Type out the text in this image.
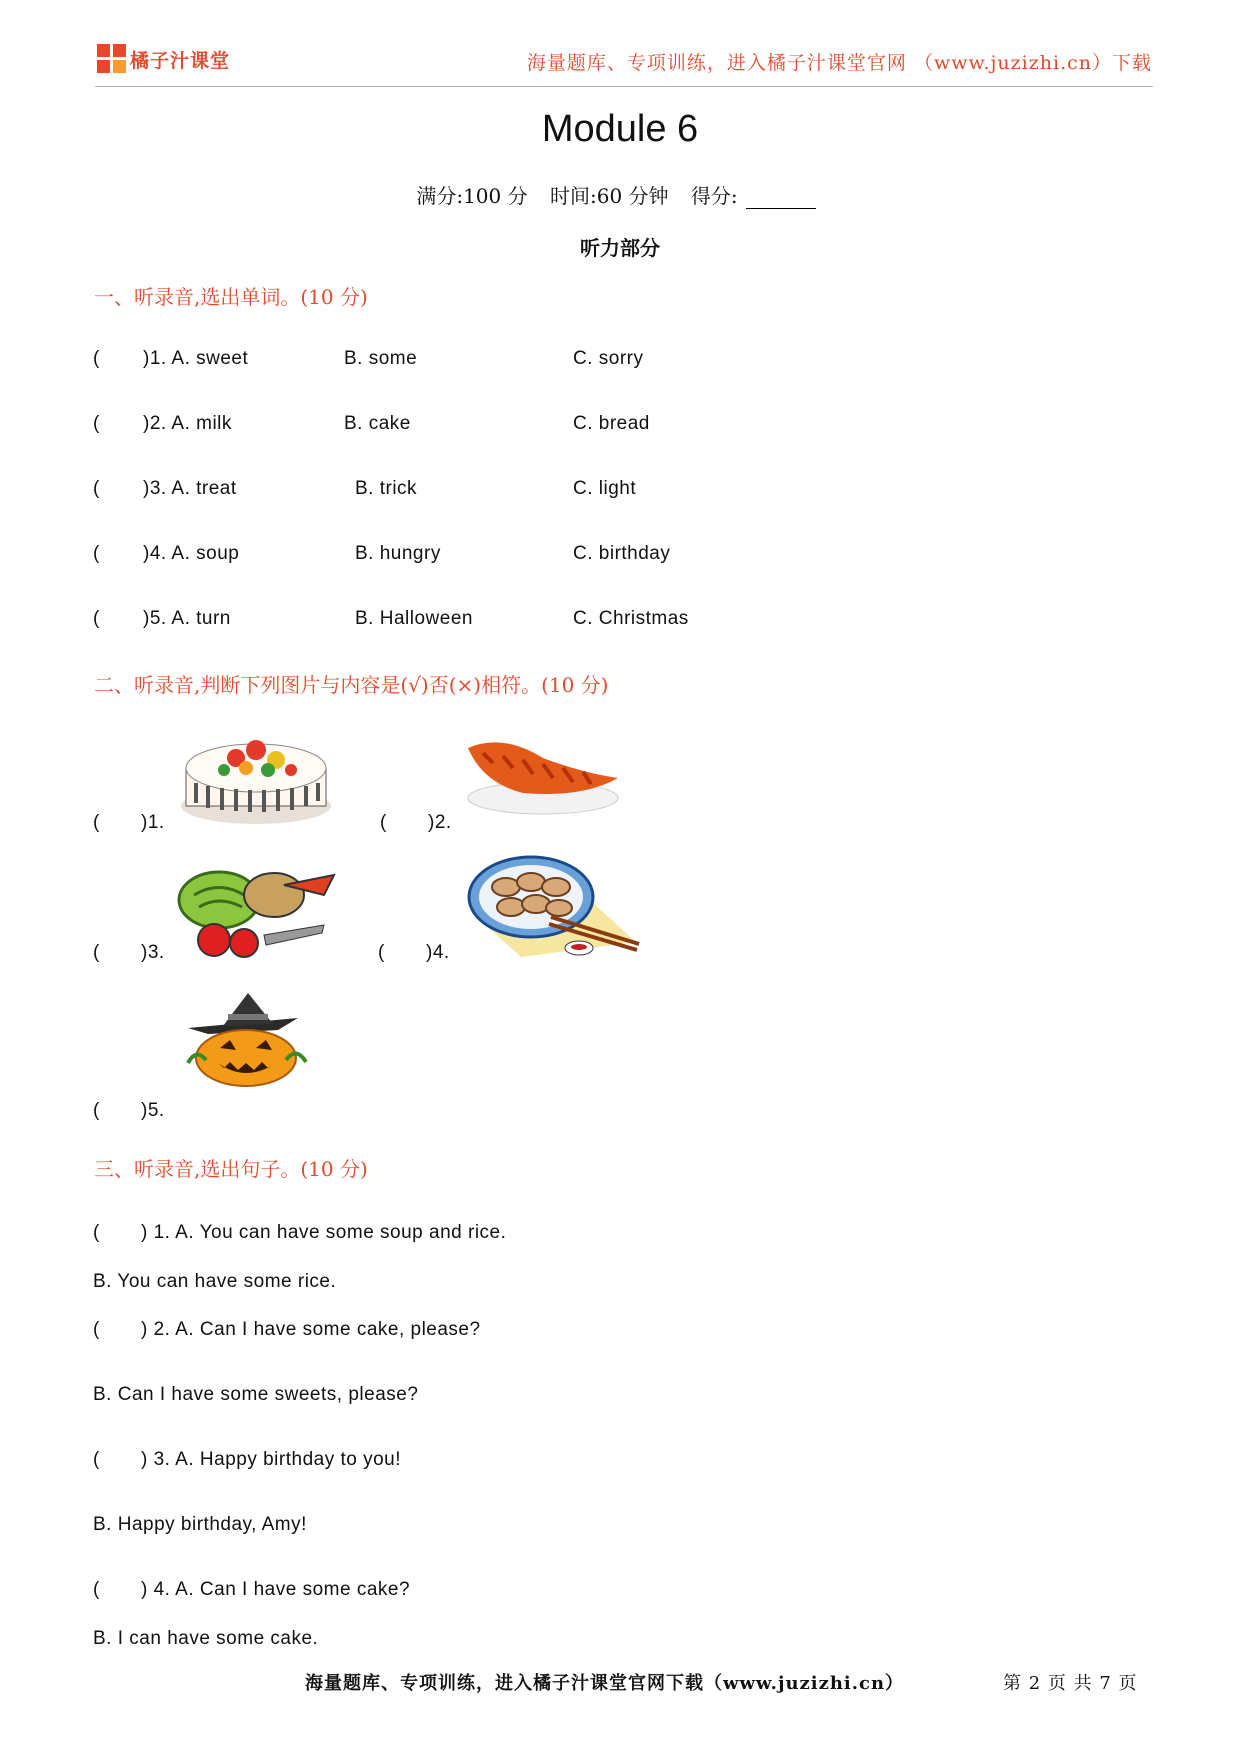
橘子汁课堂	海量题库、专项训练，进入橘子汁课堂官网 （www.juzizhi.cn）下载
Module 6
满分:100 分 时间:60 分钟 得分:
听力部分
一、听录音,选出单词。(10 分)
( )1. A. sweet	B. some	C. sorry
( )2. A. milk	B. cake	C. bread
( )3. A. treat	B. trick	C. light
( )4. A. soup	B. hungry	C. birthday
( )5. A. turn	B. Halloween	C. Christmas
二、听录音,判断下列图片与内容是(√)否(×)相符。(10 分)
( )1.	( )2.
( )3.	( )4.
( )5.
三、听录音,选出句子。(10 分)
( ) 1. A. You can have some soup and rice.
B. You can have some rice.
( ) 2. A. Can I have some cake, please?
B. Can I have some sweets, please?
( ) 3. A. Happy birthday to you!
B. Happy birthday, Amy!
( ) 4. A. Can I have some cake?
B. I can have some cake.
海量题库、专项训练，进入橘子汁课堂官网下载（www.juzizhi.cn）	第 2 页 共 7 页
